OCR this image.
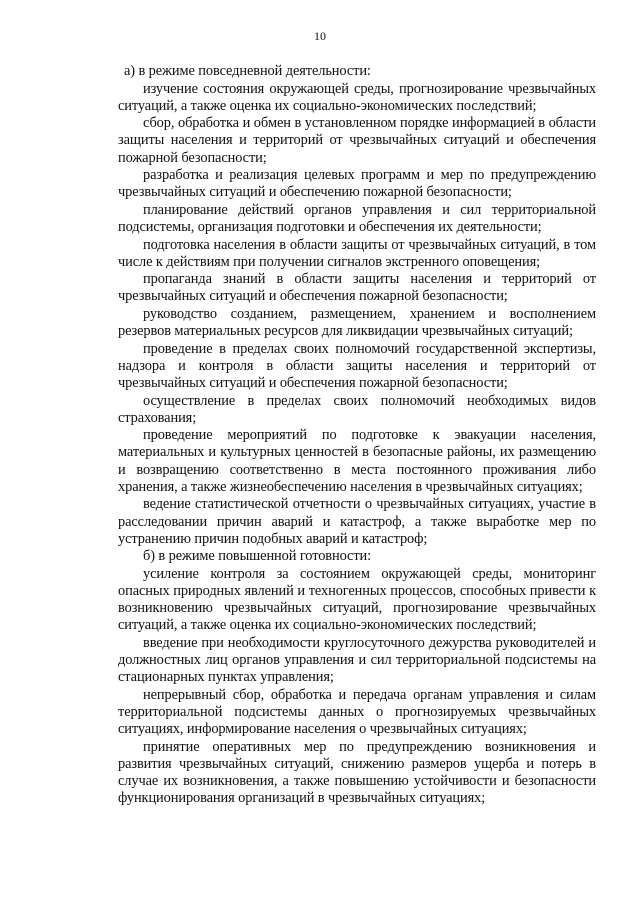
10

а) в режиме повседневной деятельности:

изучение состояния окружающей среды, прогнозирование чрезвычайных ситуаций, а также оценка их социально-экономических последствий;

сбор, обработка и обмен в установленном порядке информацией в области защиты населения и территорий от чрезвычайных ситуаций и обеспечения пожарной безопасности;

разработка и реализация целевых программ и мер по предупреждению чрезвычайных ситуаций и обеспечению пожарной безопасности;

планирование действий органов управления и сил территориальной подсистемы, организация подготовки и обеспечения их деятельности;

подготовка населения в области защиты от чрезвычайных ситуаций, в том числе к действиям при получении сигналов экстренного оповещения;

пропаганда знаний в области защиты населения и территорий от чрезвычайных ситуаций и обеспечения пожарной безопасности;

руководство созданием, размещением, хранением и восполнением резервов материальных ресурсов для ликвидации чрезвычайных ситуаций;

проведение в пределах своих полномочий государственной экспертизы, надзора и контроля в области защиты населения и территорий от чрезвычайных ситуаций и обеспечения пожарной безопасности;

осуществление в пределах своих полномочий необходимых видов страхования;

проведение мероприятий по подготовке к эвакуации населения, материальных и культурных ценностей в безопасные районы, их размещению и возвращению соответственно в места постоянного проживания либо хранения, а также жизнеобеспечению населения в чрезвычайных ситуациях;

ведение статистической отчетности о чрезвычайных ситуациях, участие в расследовании причин аварий и катастроф, а также выработке мер по устранению причин подобных аварий и катастроф;

б) в режиме повышенной готовности:

усиление контроля за состоянием окружающей среды, мониторинг опасных природных явлений и техногенных процессов, способных привести к возникновению чрезвычайных ситуаций, прогнозирование чрезвычайных ситуаций, а также оценка их социально-экономических последствий;

введение при необходимости круглосуточного дежурства руководителей и должностных лиц органов управления и сил территориальной подсистемы на стационарных пунктах управления;

непрерывный сбор, обработка и передача органам управления и силам территориальной подсистемы данных о прогнозируемых чрезвычайных ситуациях, информирование населения о чрезвычайных ситуациях;

принятие оперативных мер по предупреждению возникновения и развития чрезвычайных ситуаций, снижению размеров ущерба и потерь в случае их возникновения, а также повышению устойчивости и безопасности функционирования организаций в чрезвычайных ситуациях;
